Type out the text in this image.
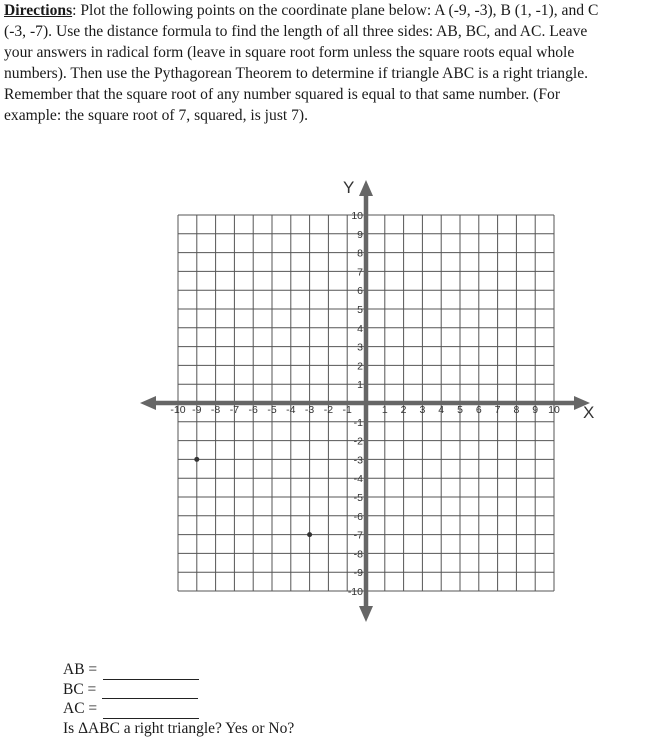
Directions: Plot the following points on the coordinate plane below: A (-9, -3), B (1, -1), and C
(-3, -7). Use the distance formula to find the length of all three sides: AB, BC, and AC. Leave
your answers in radical form (leave in square root form unless the square roots equal whole
numbers). Then use the Pythagorean Theorem to determine if triangle ABC is a right triangle.
Remember that the square root of any number squared is equal to that same number. (For
example: the square root of 7, squared, is just 7).

-10 -9 -8 -7 -6 -5 -4 -3 -2 -1	1 2 3 4 5 6 7 8 9 10
10
9
8
7
6
5
4
3
2
1
-1
-2
-3
-4
-5
-6
-7
-8
-9
-10
Y
X
AB =
BC =
AC =
Is ΔABC a right triangle? Yes or No?
